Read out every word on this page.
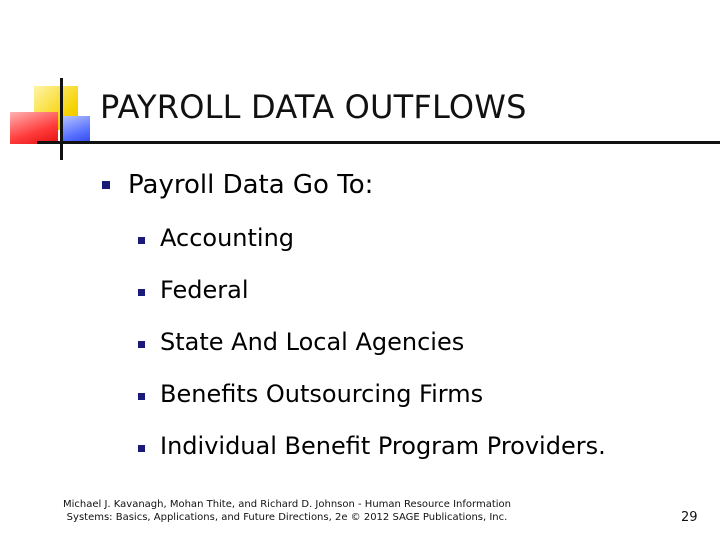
PAYROLL DATA OUTFLOWS
Payroll Data Go To:
Accounting
Federal
State And Local Agencies
Benefits Outsourcing Firms
Individual Benefit Program Providers.
Michael J. Kavanagh, Mohan Thite, and Richard D. Johnson - Human Resource Information
Systems: Basics, Applications, and Future Directions, 2e © 2012 SAGE Publications, Inc.	29
